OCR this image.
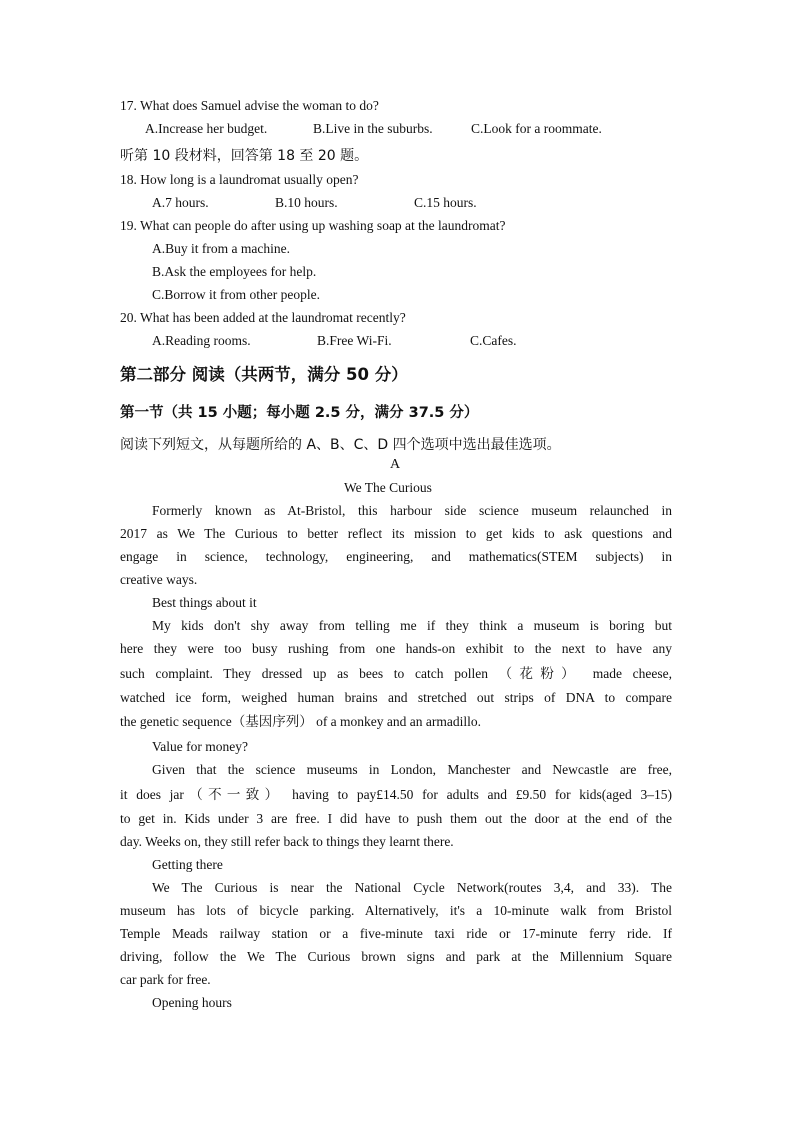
17. What does Samuel advise the woman to do?
A.Increase her budget.	B.Live in the suburbs.	C.Look for a roommate.
听第 10 段材料，回答第 18 至 20 题。
18. How long is a laundromat usually open?
A.7 hours.	B.10 hours.	C.15 hours.
19. What can people do after using up washing soap at the laundromat?
A.Buy it from a machine.
B.Ask the employees for help.
C.Borrow it from other people.
20. What has been added at the laundromat recently?
A.Reading rooms.	B.Free Wi-Fi.	C.Cafes.
第二部分 阅读（共两节，满分 50 分）
第一节（共 15 小题；每小题 2.5 分，满分 37.5 分）
阅读下列短文，从每题所给的 A、B、C、D 四个选项中选出最佳选项。
A
We The Curious
Formerly known as At-Bristol, this harbour side science museum relaunched in
2017 as We The Curious to better reflect its mission to get kids to ask questions and
engage in science, technology, engineering, and mathematics(STEM subjects) in
creative ways.
Best things about it
My kids don't shy away from telling me if they think a museum is boring but
here they were too busy rushing from one hands-on exhibit to the next to have any
such complaint. They dressed up as bees to catch pollen （花粉） made cheese,
watched ice form, weighed human brains and stretched out strips of DNA to compare
the genetic sequence（基因序列） of a monkey and an armadillo.
Value for money?
Given that the science museums in London, Manchester and Newcastle are free,
it does jar（不一致） having to pay£14.50 for adults and £9.50 for kids(aged 3–15)
to get in. Kids under 3 are free. I did have to push them out the door at the end of the
day. Weeks on, they still refer back to things they learnt there.
Getting there
We The Curious is near the National Cycle Network(routes 3,4, and 33). The
museum has lots of bicycle parking. Alternatively, it's a 10-minute walk from Bristol
Temple Meads railway station or a five-minute taxi ride or 17-minute ferry ride. If
driving, follow the We The Curious brown signs and park at the Millennium Square
car park for free.
Opening hours
